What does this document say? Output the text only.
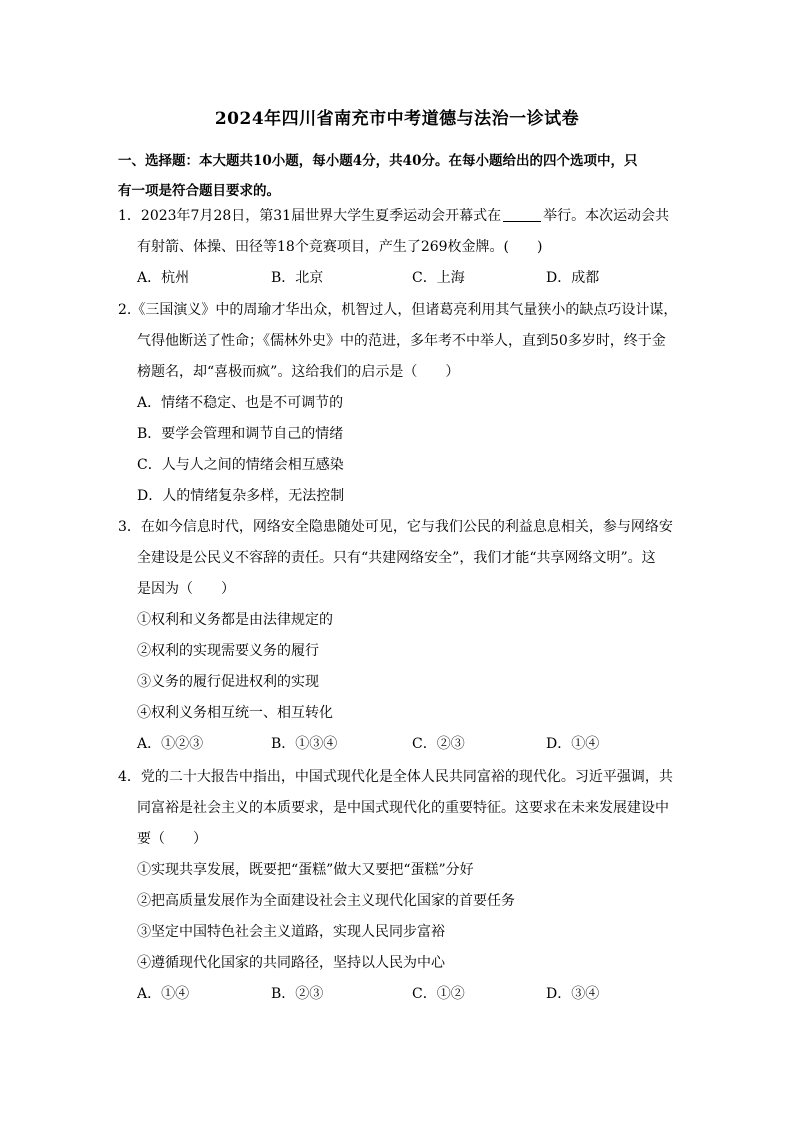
2024年四川省南充市中考道德与法治一诊试卷
一、选择题：本大题共10小题，每小题4分，共40分。在每小题给出的四个选项中，只
有一项是符合题目要求的。
1．2023年7月28日，第31届世界大学生夏季运动会开幕式在	举行。本次运动会共
有射箭、体操、田径等18个竞赛项目，产生了269枚金牌。(　　)
A．杭州	B．北京	C．上海	D．成都
2.《三国演义》中的周瑜才华出众，机智过人，但诸葛亮利用其气量狭小的缺点巧设计谋，
气得他断送了性命；《儒林外史》中的范进，多年考不中举人，直到50多岁时，终于金
榜题名，却“喜极而疯”。这给我们的启示是（　　）
A．情绪不稳定、也是不可调节的
B．要学会管理和调节自己的情绪
C．人与人之间的情绪会相互感染
D．人的情绪复杂多样，无法控制
3．在如今信息时代，网络安全隐患随处可见，它与我们公民的利益息息相关，参与网络安
全建设是公民义不容辞的责任。只有“共建网络安全”，我们才能“共享网络文明”。这
是因为（　　）
①权利和义务都是由法律规定的
②权利的实现需要义务的履行
③义务的履行促进权利的实现
④权利义务相互统一、相互转化
A．①②③	B．①③④	C．②③	D．①④
4．党的二十大报告中指出，中国式现代化是全体人民共同富裕的现代化。习近平强调，共
同富裕是社会主义的本质要求，是中国式现代化的重要特征。这要求在未来发展建设中
要（　　）
①实现共享发展，既要把“蛋糕”做大又要把“蛋糕”分好
②把高质量发展作为全面建设社会主义现代化国家的首要任务
③坚定中国特色社会主义道路，实现人民同步富裕
④遵循现代化国家的共同路径，坚持以人民为中心
A．①④	B．②③	C．①②	D．③④
